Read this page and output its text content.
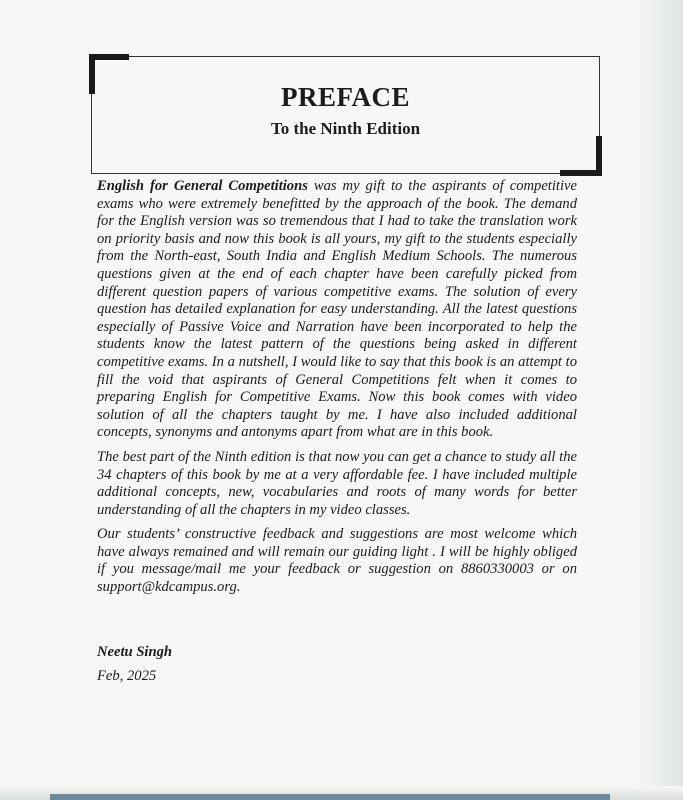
PREFACE
To the Ninth Edition

English for General Competitions was my gift to the aspirants of competitive exams who were extremely benefitted by the approach of the book. The demand for the English version was so tremendous that I had to take the translation work on priority basis and now this book is all yours, my gift to the students especially from the North-east, South India and English Medium Schools. The numerous questions given at the end of each chapter have been carefully picked from different question papers of various competitive exams. The solution of every question has detailed explanation for easy understanding. All the latest questions especially of Passive Voice and Narration have been incorporated to help the students know the latest pattern of the questions being asked in different competitive exams. In a nutshell, I would like to say that this book is an attempt to fill the void that aspirants of General Competitions felt when it comes to preparing English for Competitive Exams. Now this book comes with video solution of all the chapters taught by me. I have also included additional concepts, synonyms and antonyms apart from what are in this book.

The best part of the Ninth edition is that now you can get a chance to study all the 34 chapters of this book by me at a very affordable fee. I have included multiple additional concepts, new, vocabularies and roots of many words for better understanding of all the chapters in my video classes.

Our students’ constructive feedback and suggestions are most welcome which have always remained and will remain our guiding light . I will be highly obliged if you message/mail me your feedback or suggestion on 8860330003 or on support@kdcampus.org.

Neetu Singh

Feb, 2025
